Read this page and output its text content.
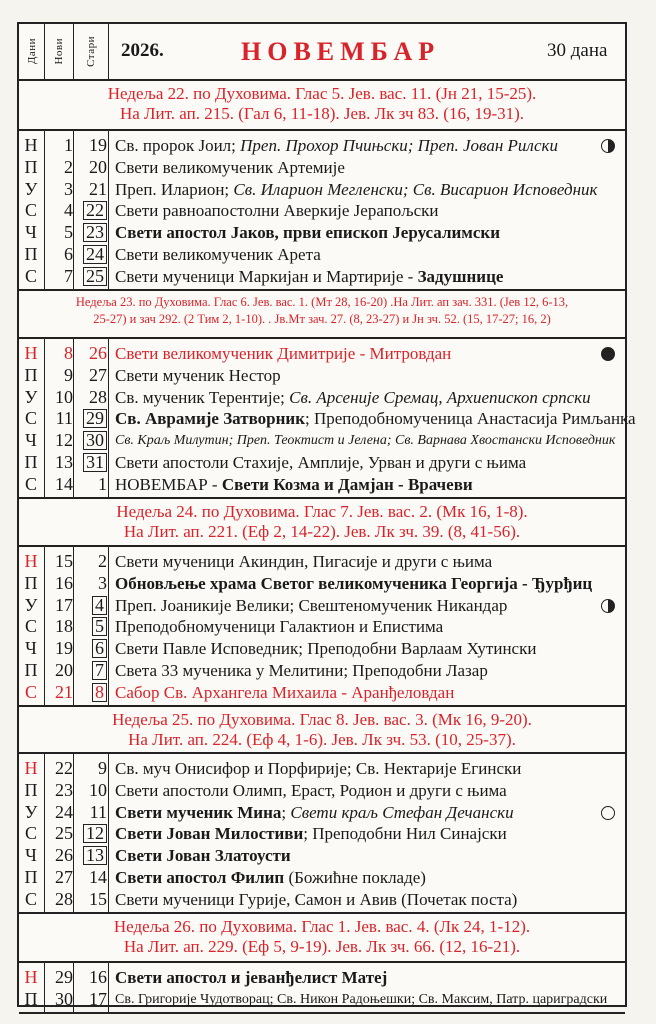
Дани Нови Стари 2026.	НОВЕМБАР	30 дана
Недеља 22. по Духовима. Глас 5. Јев. вас. 11. (Јн 21, 15-25).
На Лит. ап. 215. (Гал 6, 11-18). Јев. Лк зч 83. (16, 19-31).
Н	1 19 Св. пророк Јоил; Преп. Прохор Пчињски; Преп. Јован Рилски
П	2 20 Свети великомученик Артемије
У	3 21 Преп. Иларион; Св. Иларион Мегленски; Св. Висарион Исповедник
С	4 22 Свети равноапостолни Аверкије Јерапољски
Ч	5 23 Свети апостол Јаков, први епископ Јерусалимски
П	6 24 Свети великомученик Арета
С	7 25 Свети мученици Маркијан и Мартирије - Задушнице
Недеља 23. по Духовима. Глас 6. Јев. вас. 1. (Мт 28, 16-20) .На Лит. ап зач. 331. (Јев 12, 6-13,
25-27) и зач 292. (2 Тим 2, 1-10). . Јв.Мт зач. 27. (8, 23-27) и Јн зч. 52. (15, 17-27; 16, 2)
Н	8 26 Свети великомученик Димитрије - Митровдан
П	9 27 Свети мученик Нестор
У 10 28 Св. мученик Терентије; Св. Арсеније Сремац, Архиепископ српски
С	11 29 Св. Аврамије Затворник; Преподобномученица Анастасија Римљанка
Ч	12 30 Св. Краљ Милутин; Преп. Теоктист и Јелена; Св. Варнава Хвостански Исповедник
П 13 31 Свети апостоли Стахије, Амплије, Урван и други с њима
С	14	1 НОВЕМБАР - Свети Козма и Дамјан - Врачеви
Недеља 24. по Духовима. Глас 7. Јев. вас. 2. (Мк 16, 1-8).
На Лит. ап. 221. (Еф 2, 14-22). Јев. Лк зч. 39. (8, 41-56).
Н 15	2 Свети мученици Акиндин, Пигасије и други с њима
П 16	3 Обновљење храма Светог великомученика Георгија - Ђурђиц
У 17	4 Преп. Јоаникије Велики; Свештеномученик Никандар
С	18	5 Преподобномученици Галактион и Епистима
Ч	19	6 Свети Павле Исповедник; Преподобни Варлаам Хутински
П 20	7 Света 33 мученика у Мелитини; Преподобни Лазар
С	21	8 Сабор Св. Архангела Михаила - Аранђеловдан
Недеља 25. по Духовима. Глас 8. Јев. вас. 3. (Мк 16, 9-20).
На Лит. ап. 224. (Еф 4, 1-6). Јев. Лк зч. 53. (10, 25-37).
Н 22	9 Св. муч Онисифор и Порфирије; Св. Нектарије Егински
П 23 10 Свети апостоли Олимп, Ераст, Родион и други с њима
У 24 11 Свети мученик Мина; Свети краљ Стефан Дечански
С	25 12 Свети Јован Милостиви; Преподобни Нил Синајски
Ч	26 13 Свети Јован Златоусти
П 27 14 Свети апостол Филип (Божићне покладе)
С	28 15 Свети мученици Гурије, Самон и Авив (Почетак поста)
Недеља 26. по Духовима. Глас 1. Јев. вас. 4. (Лк 24, 1-12).
На Лит. ап. 229. (Еф 5, 9-19). Јев. Лк зч. 66. (12, 16-21).
Н 29 16 Свети апостол и јеванђелист Матеј
П 30 17 Св. Григорије Чудотворац; Св. Никон Радоњешки; Св. Максим, Патр. цариградски
